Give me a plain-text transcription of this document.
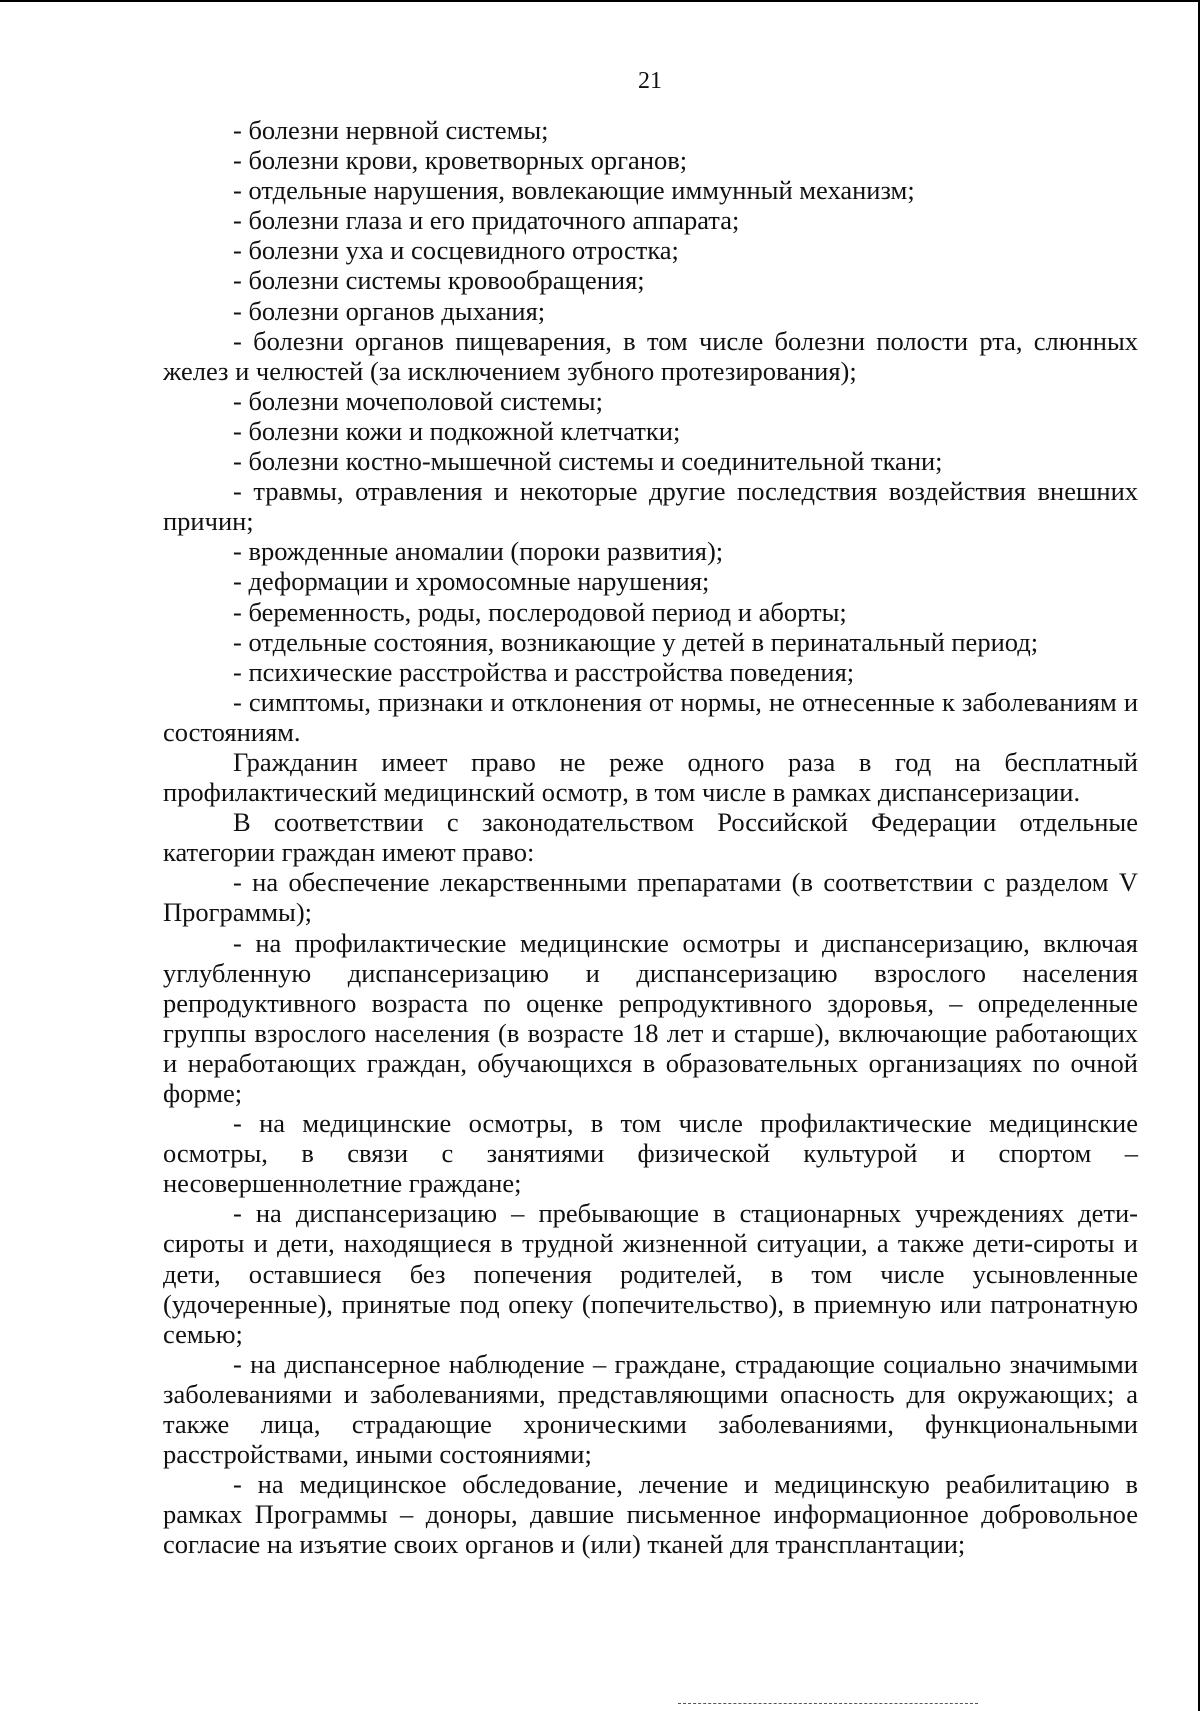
21

- болезни нервной системы;

- болезни крови, кроветворных органов;

- отдельные нарушения, вовлекающие иммунный механизм;

- болезни глаза и его придаточного аппарата;

- болезни уха и сосцевидного отростка;

- болезни системы кровообращения;

- болезни органов дыхания;

- болезни органов пищеварения, в том числе болезни полости рта, слюнных желез и челюстей (за исключением зубного протезирования);

- болезни мочеполовой системы;

- болезни кожи и подкожной клетчатки;

- болезни костно-мышечной системы и соединительной ткани;

- травмы, отравления и некоторые другие последствия воздействия внешних причин;

- врожденные аномалии (пороки развития);

- деформации и хромосомные нарушения;

- беременность, роды, послеродовой период и аборты;

- отдельные состояния, возникающие у детей в перинатальный период;

- психические расстройства и расстройства поведения;

- симптомы, признаки и отклонения от нормы, не отнесенные к заболеваниям и состояниям.

Гражданин имеет право не реже одного раза в год на бесплатный профилактический медицинский осмотр, в том числе в рамках диспансеризации.

В соответствии с законодательством Российской Федерации отдельные категории граждан имеют право:

- на обеспечение лекарственными препаратами (в соответствии с разделом V Программы);

- на профилактические медицинские осмотры и диспансеризацию, включая углубленную диспансеризацию и диспансеризацию взрослого населения репродуктивного возраста по оценке репродуктивного здоровья, – определенные группы взрослого населения (в возрасте 18 лет и старше), включающие работающих и неработающих граждан, обучающихся в образовательных организациях по очной форме;

- на медицинские осмотры, в том числе профилактические медицинские осмотры, в связи с занятиями физической культурой и спортом – несовершеннолетние граждане;

- на диспансеризацию – пребывающие в стационарных учреждениях дети-сироты и дети, находящиеся в трудной жизненной ситуации, а также дети-сироты и дети, оставшиеся без попечения родителей, в том числе усыновленные (удочеренные), принятые под опеку (попечительство), в приемную или патронатную семью;

- на диспансерное наблюдение – граждане, страдающие социально значимыми заболеваниями и заболеваниями, представляющими опасность для окружающих; а также лица, страдающие хроническими заболеваниями, функциональными расстройствами, иными состояниями;

- на медицинское обследование, лечение и медицинскую реабилитацию в рамках Программы – доноры, давшие письменное информационное добровольное согласие на изъятие своих органов и (или) тканей для трансплантации;
